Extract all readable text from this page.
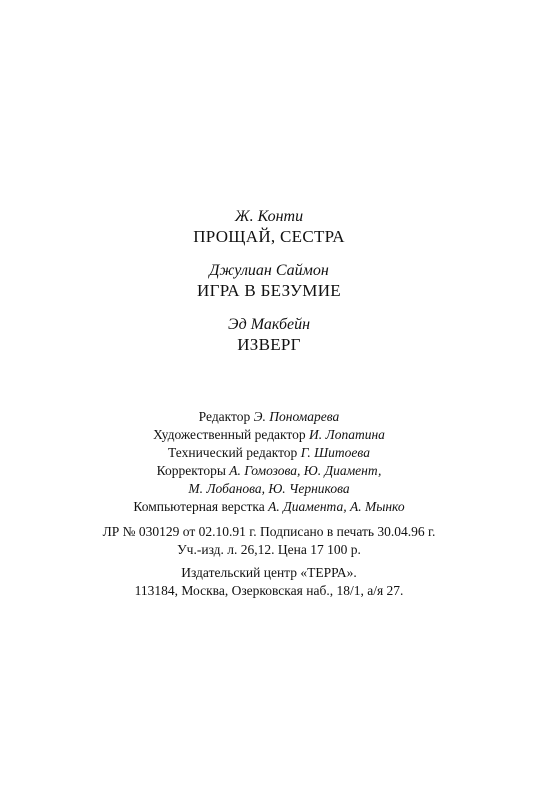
Ж. Конти
ПРОЩАЙ, СЕСТРА
Джулиан Саймон
ИГРА В БЕЗУМИЕ
Эд Макбейн
ИЗВЕРГ
Редактор Э. Пономарева
Художественный редактор И. Лопатина
Технический редактор Г. Шитоева
Корректоры А. Гомозова, Ю. Диамент,
М. Лобанова, Ю. Черникова
Компьютерная верстка А. Диамента, А. Мынко
ЛР № 030129 от 02.10.91 г. Подписано в печать 30.04.96 г.
Уч.-изд. л. 26,12. Цена 17 100 р.
Издательский центр «ТЕРРА».
113184, Москва, Озерковская наб., 18/1, а/я 27.
